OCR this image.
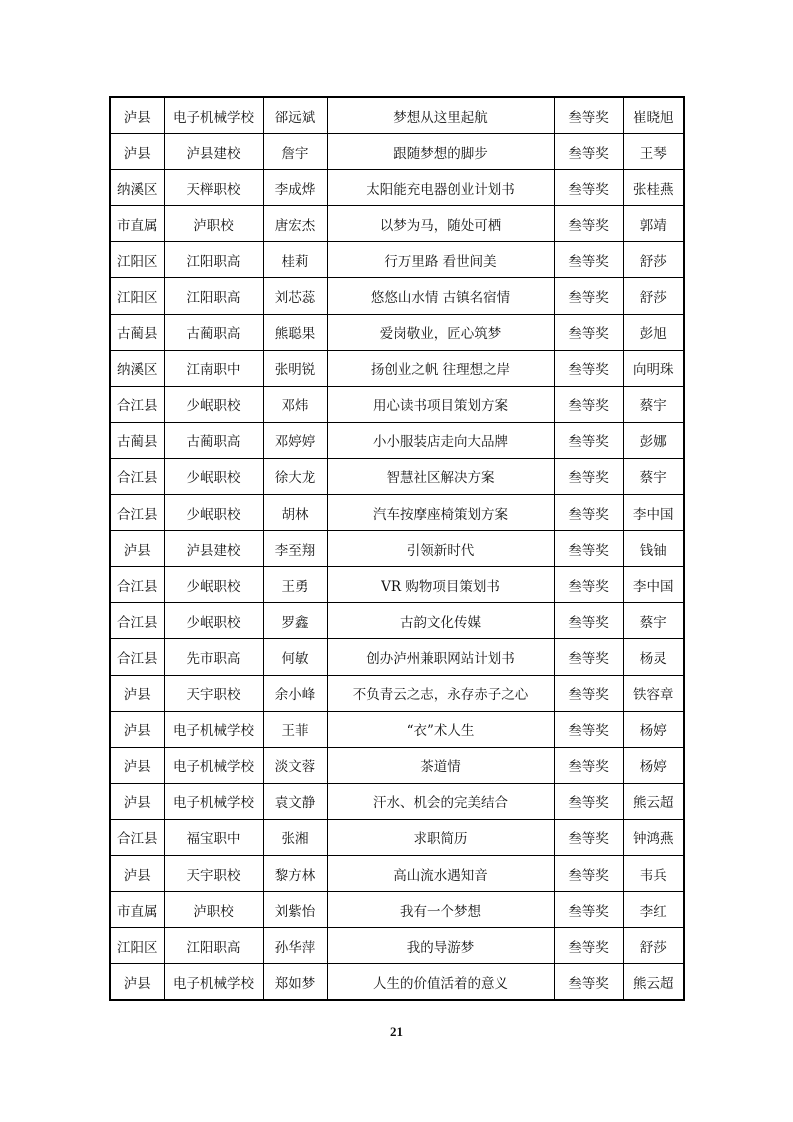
泸县	电子机械学校	郤远斌	梦想从这里起航	叁等奖	崔晓旭
泸县	泸县建校	詹宇	跟随梦想的脚步	叁等奖	王琴
纳溪区	天榉职校	李成烨	太阳能充电器创业计划书	叁等奖	张桂燕
市直属	泸职校	唐宏杰	以梦为马，随处可栖	叁等奖	郭靖
江阳区	江阳职高	桂莉	行万里路 看世间美	叁等奖	舒莎
江阳区	江阳职高	刘芯蕊	悠悠山水情 古镇名宿情	叁等奖	舒莎
古蔺县	古蔺职高	熊聪果	爱岗敬业，匠心筑梦	叁等奖	彭旭
纳溪区	江南职中	张明锐	扬创业之帆 往理想之岸	叁等奖	向明珠
合江县	少岷职校	邓炜	用心读书项目策划方案	叁等奖	蔡宇
古蔺县	古蔺职高	邓婷婷	小小服装店走向大品牌	叁等奖	彭娜
合江县	少岷职校	徐大龙	智慧社区解决方案	叁等奖	蔡宇
合江县	少岷职校	胡林	汽车按摩座椅策划方案	叁等奖	李中国
泸县	泸县建校	李至翔	引领新时代	叁等奖	钱铀
合江县	少岷职校	王勇	VR 购物项目策划书	叁等奖	李中国
合江县	少岷职校	罗鑫	古韵文化传媒	叁等奖	蔡宇
合江县	先市职高	何敏	创办泸州兼职网站计划书	叁等奖	杨灵
泸县	天宇职校	余小峰	不负青云之志，永存赤子之心	叁等奖	铁容章
泸县	电子机械学校	王菲	“衣”术人生	叁等奖	杨婷
泸县	电子机械学校	淡文蓉	茶道情	叁等奖	杨婷
泸县	电子机械学校	袁文静	汗水、机会的完美结合	叁等奖	熊云超
合江县	福宝职中	张湘	求职简历	叁等奖	钟鸿燕
泸县	天宇职校	黎方林	高山流水遇知音	叁等奖	韦兵
市直属	泸职校	刘紫怡	我有一个梦想	叁等奖	李红
江阳区	江阳职高	孙华萍	我的导游梦	叁等奖	舒莎
泸县	电子机械学校	郑如梦	人生的价值活着的意义	叁等奖	熊云超
21
